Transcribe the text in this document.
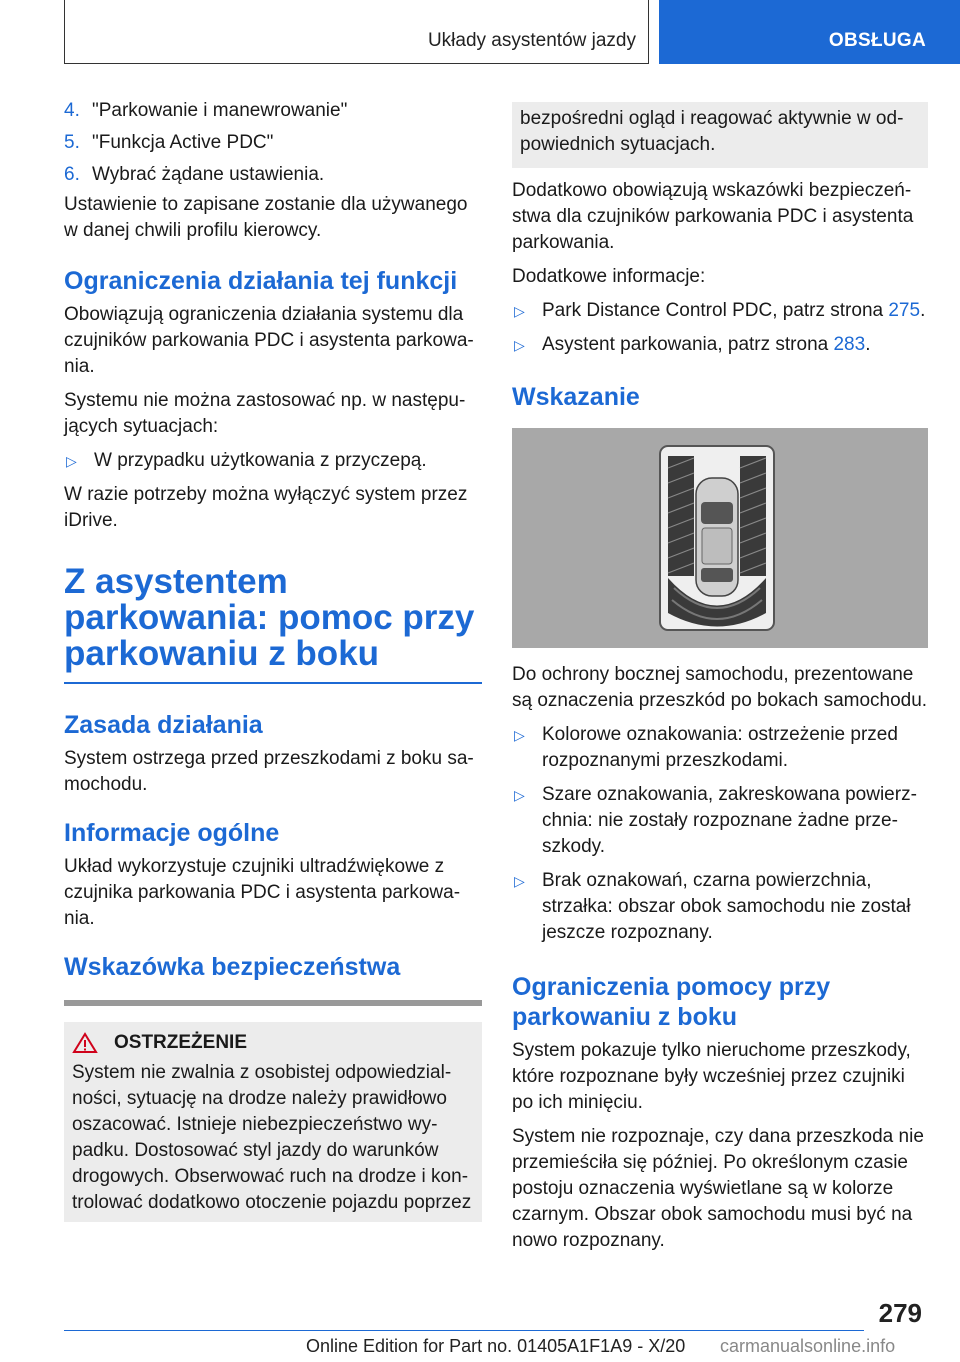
Układy asystentów jazdy	OBSŁUGA
4. "Parkowanie i manewrowanie"
5. "Funkcja Active PDC"
6. Wybrać żądane ustawienia.

Ustawienie to zapisane zostanie dla używanego w danej chwili profilu kierowcy.

Ograniczenia działania tej funkcji

Obowiązują ograniczenia działania systemu dla czujników parkowania PDC i asystenta parkowania.

Systemu nie można zastosować np. w następujących sytuacjach:

▷ W przypadku użytkowania z przyczepą.

W razie potrzeby można wyłączyć system przez iDrive.

Z asystentem parkowania: pomoc przy parkowaniu z boku
Zasada działania

System ostrzega przed przeszkodami z boku samochodu.

Informacje ogólne

Układ wykorzystuje czujniki ultradźwiękowe z czujnika parkowania PDC i asystenta parkowania.

Wskazówka bezpieczeństwa
OSTRZEŻENIE

System nie zwalnia z osobistej odpowiedzialności, sytuację na drodze należy prawidłowo oszacować. Istnieje niebezpieczeństwo wypadku. Dostosować styl jazdy do warunków drogowych. Obserwować ruch na drodze i kontrolować dodatkowo otoczenie pojazdu poprzez

bezpośredni ogląd i reagować aktywnie w odpowiednich sytuacjach.

Dodatkowo obowiązują wskazówki bezpieczeństwa dla czujników parkowania PDC i asystenta parkowania.

Dodatkowe informacje:

▷ Park Distance Control PDC, patrz strona 275.
▷ Asystent parkowania, patrz strona 283.
Wskazanie

Do ochrony bocznej samochodu, prezentowane są oznaczenia przeszkód po bokach samochodu.

▷ Kolorowe oznakowania: ostrzeżenie przed rozpoznanymi przeszkodami.
▷ Szare oznakowania, zakreskowana powierzchnia: nie zostały rozpoznane żadne przeszkody.
▷ Brak oznakowań, czarna powierzchnia, strzałka: obszar obok samochodu nie został jeszcze rozpoznany.
Ograniczenia pomocy przy parkowaniu z boku

System pokazuje tylko nieruchome przeszkody, które rozpoznane były wcześniej przez czujniki po ich minięciu.

System nie rozpoznaje, czy dana przeszkoda nie przemieściła się później. Po określonym czasie postoju oznaczenia wyświetlane są w kolorze czarnym. Obszar obok samochodu musi być na nowo rozpoznany.

279
Online Edition for Part no. 01405A1F1A9 - X/20 carmanualsonline.info
